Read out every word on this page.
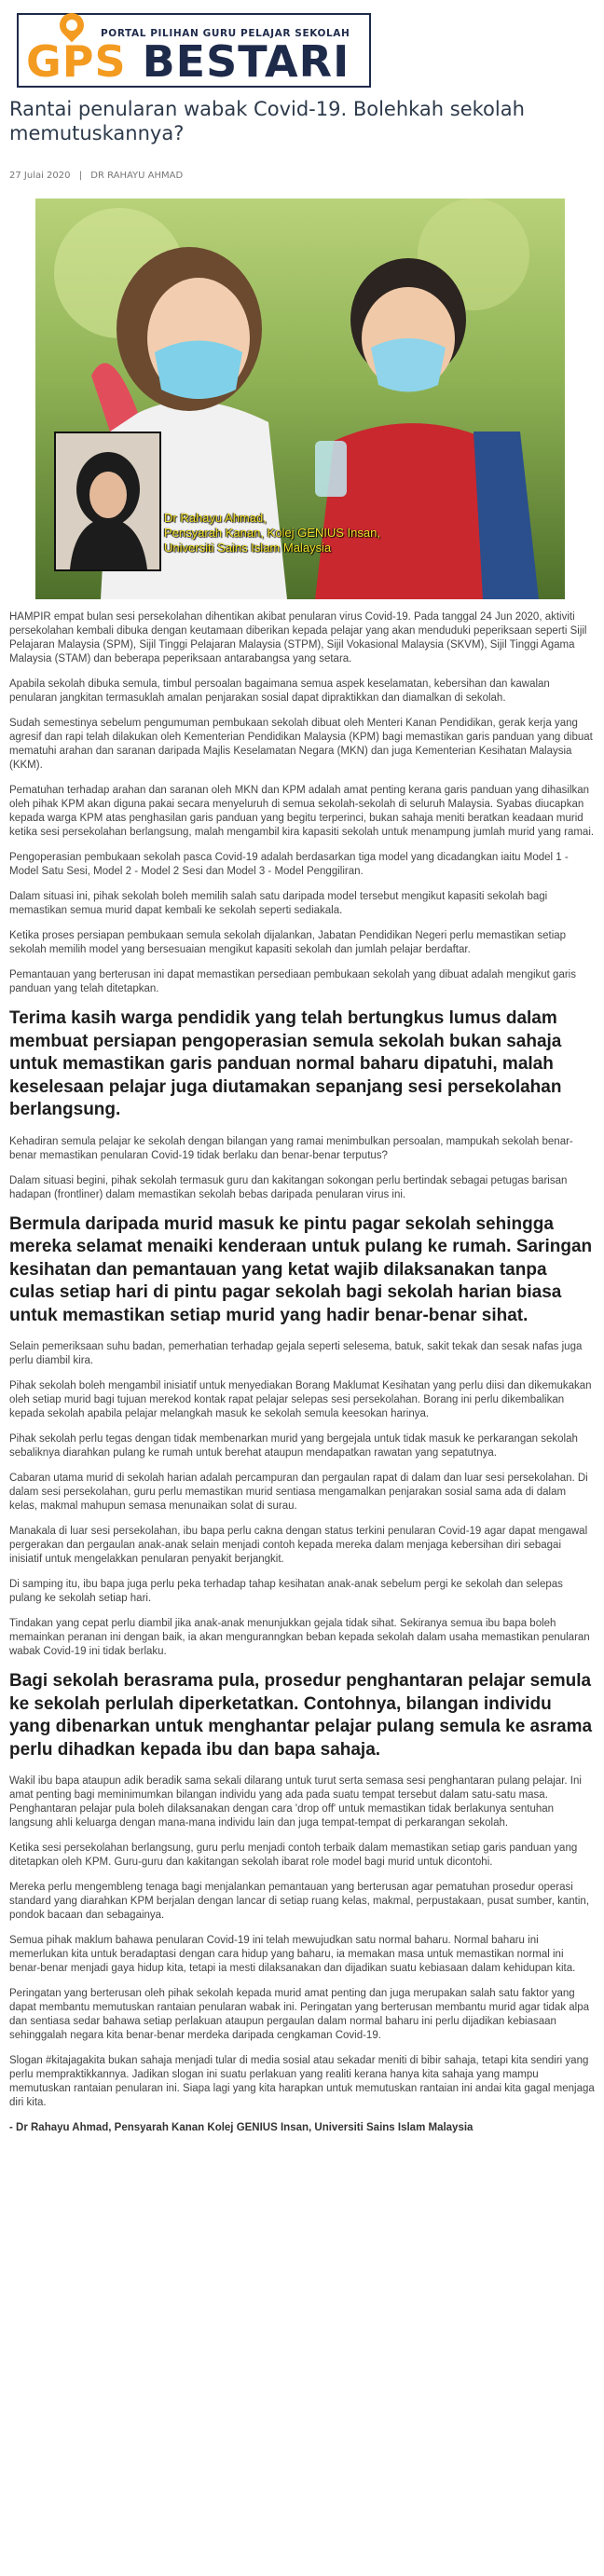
PORTAL PILIHAN GURU PELAJAR SEKOLAH
GPS BESTARI
Rantai penularan wabak Covid-19. Bolehkah sekolah memutuskannya?
27 Julai 2020 | DR RAHAYU AHMAD
Dr Rahayu Ahmad,
Pensyarah Kanan, Kolej GENIUS Insan,
Universiti Sains Islam Malaysia

HAMPIR empat bulan sesi persekolahan dihentikan akibat penularan virus Covid-19. Pada tanggal 24 Jun 2020, aktiviti persekolahan kembali dibuka dengan keutamaan diberikan kepada pelajar yang akan menduduki peperiksaan seperti Sijil Pelajaran Malaysia (SPM), Sijil Tinggi Pelajaran Malaysia (STPM), Sijil Vokasional Malaysia (SKVM), Sijil Tinggi Agama Malaysia (STAM) dan beberapa peperiksaan antarabangsa yang setara.

Apabila sekolah dibuka semula, timbul persoalan bagaimana semua aspek keselamatan, kebersihan dan kawalan penularan jangkitan termasuklah amalan penjarakan sosial dapat dipraktikkan dan diamalkan di sekolah.

Sudah semestinya sebelum pengumuman pembukaan sekolah dibuat oleh Menteri Kanan Pendidikan, gerak kerja yang agresif dan rapi telah dilakukan oleh Kementerian Pendidikan Malaysia (KPM) bagi memastikan garis panduan yang dibuat mematuhi arahan dan saranan daripada Majlis Keselamatan Negara (MKN) dan juga Kementerian Kesihatan Malaysia (KKM).

Pematuhan terhadap arahan dan saranan oleh MKN dan KPM adalah amat penting kerana garis panduan yang dihasilkan oleh pihak KPM akan diguna pakai secara menyeluruh di semua sekolah-sekolah di seluruh Malaysia. Syabas diucapkan kepada warga KPM atas penghasilan garis panduan yang begitu terperinci, bukan sahaja meniti beratkan keadaan murid ketika sesi persekolahan berlangsung, malah mengambil kira kapasiti sekolah untuk menampung jumlah murid yang ramai.

Pengoperasian pembukaan sekolah pasca Covid-19 adalah berdasarkan tiga model yang dicadangkan iaitu Model 1 - Model Satu Sesi, Model 2 - Model 2 Sesi dan Model 3 - Model Penggiliran.

Dalam situasi ini, pihak sekolah boleh memilih salah satu daripada model tersebut mengikut kapasiti sekolah bagi memastikan semua murid dapat kembali ke sekolah seperti sediakala.

Ketika proses persiapan pembukaan semula sekolah dijalankan, Jabatan Pendidikan Negeri perlu memastikan setiap sekolah memilih model yang bersesuaian mengikut kapasiti sekolah dan jumlah pelajar berdaftar.

Pemantauan yang berterusan ini dapat memastikan persediaan pembukaan sekolah yang dibuat adalah mengikut garis panduan yang telah ditetapkan.

Terima kasih warga pendidik yang telah bertungkus lumus dalam membuat persiapan pengoperasian semula sekolah bukan sahaja untuk memastikan garis panduan normal baharu dipatuhi, malah keselesaan pelajar juga diutamakan sepanjang sesi persekolahan berlangsung.

Kehadiran semula pelajar ke sekolah dengan bilangan yang ramai menimbulkan persoalan, mampukah sekolah benar-benar memastikan penularan Covid-19 tidak berlaku dan benar-benar terputus?

Dalam situasi begini, pihak sekolah termasuk guru dan kakitangan sokongan perlu bertindak sebagai petugas barisan hadapan (frontliner) dalam memastikan sekolah bebas daripada penularan virus ini.

Bermula daripada murid masuk ke pintu pagar sekolah sehingga mereka selamat menaiki kenderaan untuk pulang ke rumah. Saringan kesihatan dan pemantauan yang ketat wajib dilaksanakan tanpa culas setiap hari di pintu pagar sekolah bagi sekolah harian biasa untuk memastikan setiap murid yang hadir benar-benar sihat.

Selain pemeriksaan suhu badan, pemerhatian terhadap gejala seperti selesema, batuk, sakit tekak dan sesak nafas juga perlu diambil kira.

Pihak sekolah boleh mengambil inisiatif untuk menyediakan Borang Maklumat Kesihatan yang perlu diisi dan dikemukakan oleh setiap murid bagi tujuan merekod kontak rapat pelajar selepas sesi persekolahan. Borang ini perlu dikembalikan kepada sekolah apabila pelajar melangkah masuk ke sekolah semula keesokan harinya.

Pihak sekolah perlu tegas dengan tidak membenarkan murid yang bergejala untuk tidak masuk ke perkarangan sekolah sebaliknya diarahkan pulang ke rumah untuk berehat ataupun mendapatkan rawatan yang sepatutnya.

Cabaran utama murid di sekolah harian adalah percampuran dan pergaulan rapat di dalam dan luar sesi persekolahan. Di dalam sesi persekolahan, guru perlu memastikan murid sentiasa mengamalkan penjarakan sosial sama ada di dalam kelas, makmal mahupun semasa menunaikan solat di surau.

Manakala di luar sesi persekolahan, ibu bapa perlu cakna dengan status terkini penularan Covid-19 agar dapat mengawal pergerakan dan pergaulan anak-anak selain menjadi contoh kepada mereka dalam menjaga kebersihan diri sebagai inisiatif untuk mengelakkan penularan penyakit berjangkit.

Di samping itu, ibu bapa juga perlu peka terhadap tahap kesihatan anak-anak sebelum pergi ke sekolah dan selepas pulang ke sekolah setiap hari.

Tindakan yang cepat perlu diambil jika anak-anak menunjukkan gejala tidak sihat. Sekiranya semua ibu bapa boleh memainkan peranan ini dengan baik, ia akan menguranngkan beban kepada sekolah dalam usaha memastikan penularan wabak Covid-19 ini tidak berlaku.

Bagi sekolah berasrama pula, prosedur penghantaran pelajar semula ke sekolah perlulah diperketatkan. Contohnya, bilangan individu yang dibenarkan untuk menghantar pelajar pulang semula ke asrama perlu dihadkan kepada ibu dan bapa sahaja.

Wakil ibu bapa ataupun adik beradik sama sekali dilarang untuk turut serta semasa sesi penghantaran pulang pelajar. Ini amat penting bagi meminimumkan bilangan individu yang ada pada suatu tempat tersebut dalam satu-satu masa. Penghantaran pelajar pula boleh dilaksanakan dengan cara 'drop off' untuk memastikan tidak berlakunya sentuhan langsung ahli keluarga dengan mana-mana individu lain dan juga tempat-tempat di perkarangan sekolah.

Ketika sesi persekolahan berlangsung, guru perlu menjadi contoh terbaik dalam memastikan setiap garis panduan yang ditetapkan oleh KPM. Guru-guru dan kakitangan sekolah ibarat role model bagi murid untuk dicontohi.

Mereka perlu mengembleng tenaga bagi menjalankan pemantauan yang berterusan agar pematuhan prosedur operasi standard yang diarahkan KPM berjalan dengan lancar di setiap ruang kelas, makmal, perpustakaan, pusat sumber, kantin, pondok bacaan dan sebagainya.

Semua pihak maklum bahawa penularan Covid-19 ini telah mewujudkan satu normal baharu. Normal baharu ini memerlukan kita untuk beradaptasi dengan cara hidup yang baharu, ia memakan masa untuk memastikan normal ini benar-benar menjadi gaya hidup kita, tetapi ia mesti dilaksanakan dan dijadikan suatu kebiasaan dalam kehidupan kita.

Peringatan yang berterusan oleh pihak sekolah kepada murid amat penting dan juga merupakan salah satu faktor yang dapat membantu memutuskan rantaian penularan wabak ini. Peringatan yang berterusan membantu murid agar tidak alpa dan sentiasa sedar bahawa setiap perlakuan ataupun pergaulan dalam normal baharu ini perlu dijadikan kebiasaan sehinggalah negara kita benar-benar merdeka daripada cengkaman Covid-19.

Slogan #kitajagakita bukan sahaja menjadi tular di media sosial atau sekadar meniti di bibir sahaja, tetapi kita sendiri yang perlu mempraktikkannya. Jadikan slogan ini suatu perlakuan yang realiti kerana hanya kita sahaja yang mampu memutuskan rantaian penularan ini. Siapa lagi yang kita harapkan untuk memutuskan rantaian ini andai kita gagal menjaga diri kita.

- Dr Rahayu Ahmad, Pensyarah Kanan Kolej GENIUS Insan, Universiti Sains Islam Malaysia
